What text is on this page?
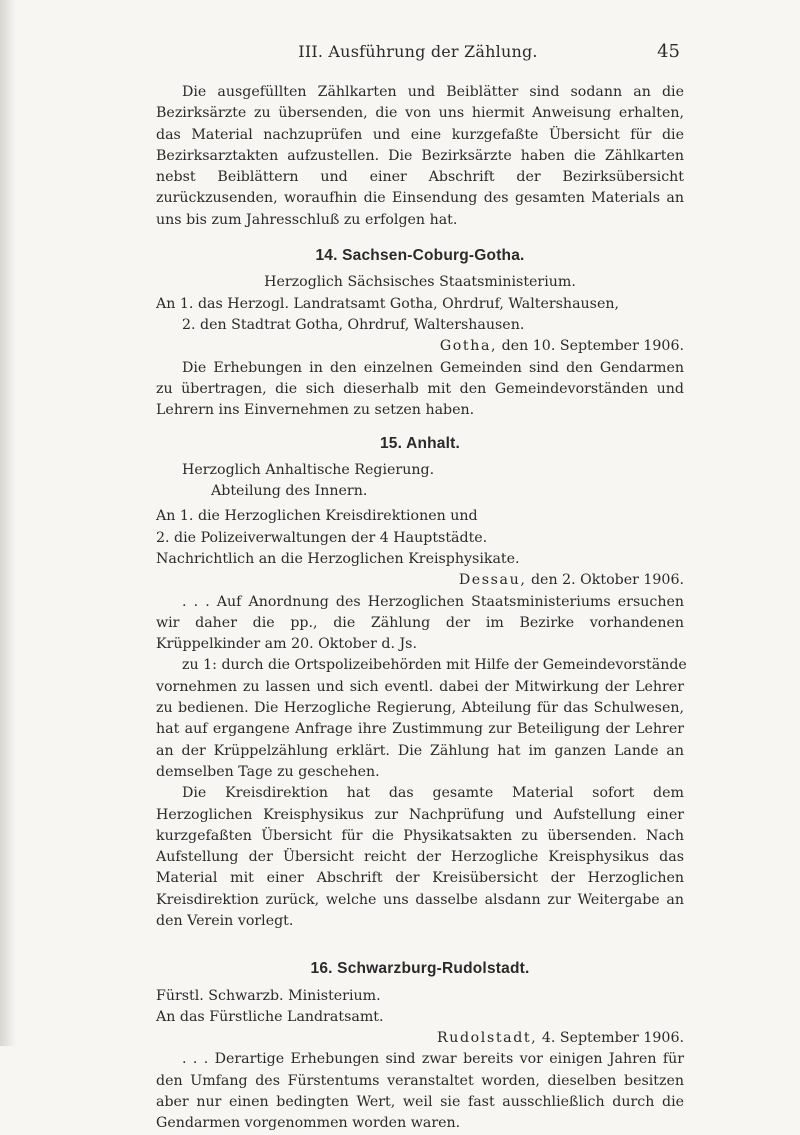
III. Ausführung der Zählung.	45

Die ausgefüllten Zählkarten und Beiblätter sind sodann an die Bezirksärzte zu übersenden, die von uns hiermit Anweisung erhalten, das Material nachzuprüfen und eine kurzgefaßte Übersicht für die Bezirksarztakten aufzustellen. Die Bezirksärzte haben die Zählkarten nebst Beiblättern und einer Abschrift der Bezirksübersicht zurückzusenden, woraufhin die Einsendung des gesamten Materials an uns bis zum Jahresschluß zu erfolgen hat.

14. Sachsen-Coburg-Gotha.

Herzoglich Sächsisches Staatsministerium.

An 1. das Herzogl. Landratsamt Gotha, Ohrdruf, Waltershausen,

2. den Stadtrat Gotha, Ohrdruf, Waltershausen.

Gotha, den 10. September 1906.

Die Erhebungen in den einzelnen Gemeinden sind den Gendarmen zu übertragen, die sich dieserhalb mit den Gemeindevorständen und Lehrern ins Einvernehmen zu setzen haben.

15. Anhalt.

Herzoglich Anhaltische Regierung.

Abteilung des Innern.

An 1. die Herzoglichen Kreisdirektionen und

2. die Polizeiverwaltungen der 4 Hauptstädte.

Nachrichtlich an die Herzoglichen Kreisphysikate.

Dessau, den 2. Oktober 1906.

. . . Auf Anordnung des Herzoglichen Staatsministeriums ersuchen wir daher die pp., die Zählung der im Bezirke vorhandenen Krüppelkinder am 20. Oktober d. Js.

zu 1: durch die Ortspolizeibehörden mit Hilfe der Gemeindevorstände

vornehmen zu lassen und sich eventl. dabei der Mitwirkung der Lehrer zu bedienen. Die Herzogliche Regierung, Abteilung für das Schulwesen, hat auf ergangene Anfrage ihre Zustimmung zur Beteiligung der Lehrer an der Krüppelzählung erklärt. Die Zählung hat im ganzen Lande an demselben Tage zu geschehen.

Die Kreisdirektion hat das gesamte Material sofort dem Herzoglichen Kreisphysikus zur Nachprüfung und Aufstellung einer kurzgefaßten Übersicht für die Physikatsakten zu übersenden. Nach Aufstellung der Übersicht reicht der Herzogliche Kreisphysikus das Material mit einer Abschrift der Kreisübersicht der Herzoglichen Kreisdirektion zurück, welche uns dasselbe alsdann zur Weitergabe an den Verein vorlegt.

16. Schwarzburg-Rudolstadt.

Fürstl. Schwarzb. Ministerium.

An das Fürstliche Landratsamt.

Rudolstadt, 4. September 1906.

. . . Derartige Erhebungen sind zwar bereits vor einigen Jahren für den Umfang des Fürstentums veranstaltet worden, dieselben besitzen aber nur einen bedingten Wert, weil sie fast ausschließlich durch die Gendarmen vorgenommen worden waren.
